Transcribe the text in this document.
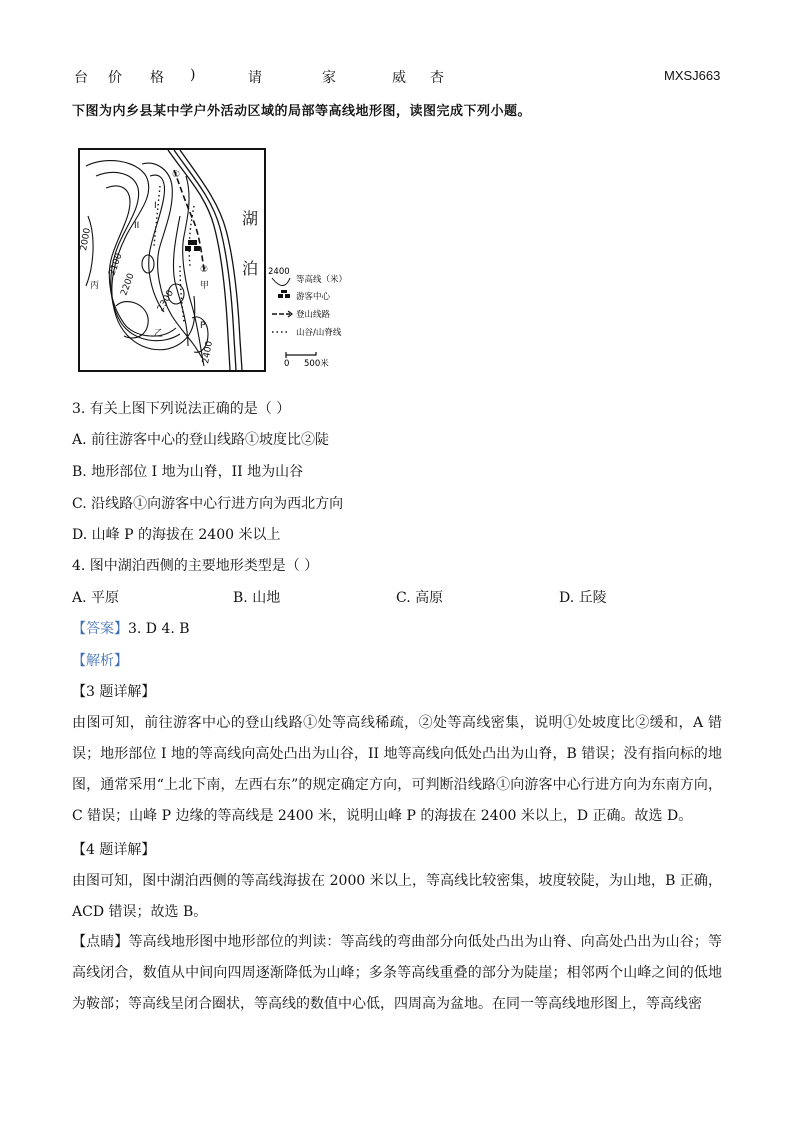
台 价 格 )	请	家	威 杏	MXSJ663
下图为内乡县某中学户外活动区域的局部等高线地形图，读图完成下列小题。
①
②
I
II
丙
乙
甲
P
2000
2100
2200
2300
2400
湖
泊 2400
等高线（米）
游客中心
登山线路
山谷/山脊线
0 500米
3. 有关上图下列说法正确的是（ ）
A. 前往游客中心的登山线路①坡度比②陡
B. 地形部位 I 地为山脊，II 地为山谷
C. 沿线路①向游客中心行进方向为西北方向
D. 山峰 P 的海拔在 2400 米以上
4. 图中湖泊西侧的主要地形类型是（ ）
A. 平原	B. 山地	C. 高原	D. 丘陵
【答案】3. D 4. B
【解析】
【3 题详解】
由图可知，前往游客中心的登山线路①处等高线稀疏，②处等高线密集，说明①处坡度比②缓和，A 错误；地形部位 I 地的等高线向高处凸出为山谷，II 地等高线向低处凸出为山脊，B 错误；没有指向标的地图，通常采用“上北下南，左西右东”的规定确定方向，可判断沿线路①向游客中心行进方向为东南方向，C 错误；山峰 P 边缘的等高线是 2400 米，说明山峰 P 的海拔在 2400 米以上，D 正确。故选 D。
【4 题详解】
由图可知，图中湖泊西侧的等高线海拔在 2000 米以上，等高线比较密集，坡度较陡，为山地，B 正确，ACD 错误；故选 B。
【点睛】等高线地形图中地形部位的判读：等高线的弯曲部分向低处凸出为山脊、向高处凸出为山谷；等高线闭合，数值从中间向四周逐渐降低为山峰；多条等高线重叠的部分为陡崖；相邻两个山峰之间的低地为鞍部；等高线呈闭合圈状，等高线的数值中心低，四周高为盆地。在同一等高线地形图上，等高线密
